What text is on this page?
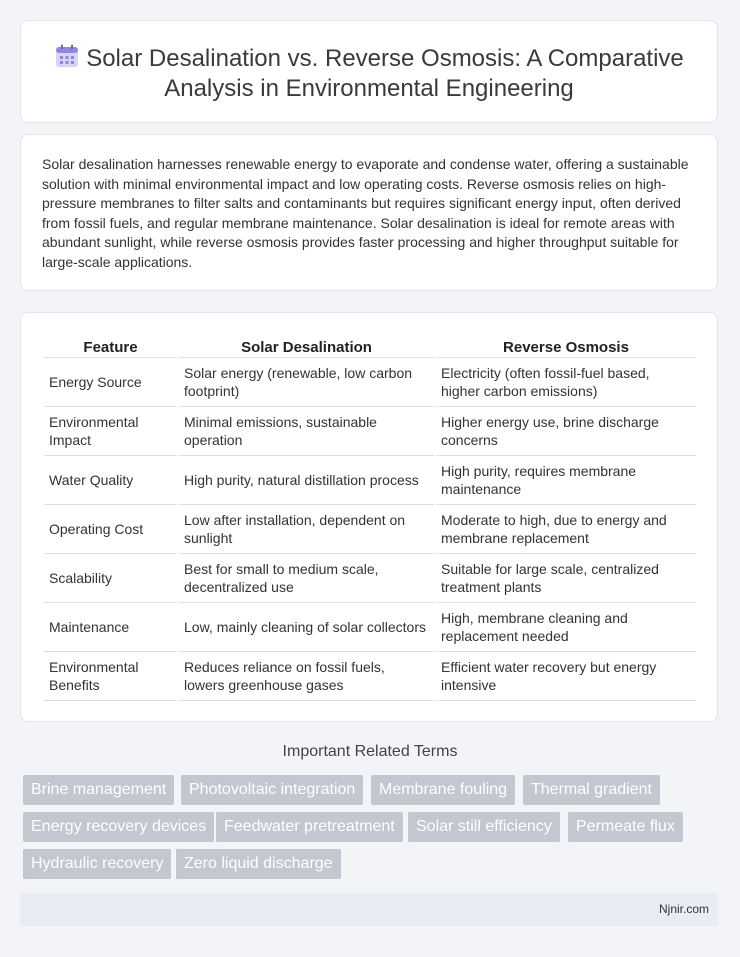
Solar Desalination vs. Reverse Osmosis: A Comparative
Analysis in Environmental Engineering

Solar desalination harnesses renewable energy to evaporate and condense water, offering a sustainable solution with minimal environmental impact and low operating costs. Reverse osmosis relies on high-pressure membranes to filter salts and contaminants but requires significant energy input, often derived from fossil fuels, and regular membrane maintenance. Solar desalination is ideal for remote areas with abundant sunlight, while reverse osmosis provides faster processing and higher throughput suitable for large-scale applications.

Feature	Solar Desalination	Reverse Osmosis
Energy Source	Solar energy (renewable, low carbon footprint)	Electricity (often fossil-fuel based, higher carbon emissions)
Environmental Impact	Minimal emissions, sustainable operation	Higher energy use, brine discharge concerns
Water Quality	High purity, natural distillation process	High purity, requires membrane maintenance
Operating Cost	Low after installation, dependent on sunlight	Moderate to high, due to energy and membrane replacement
Scalability	Best for small to medium scale, decentralized use	Suitable for large scale, centralized treatment plants
Maintenance	Low, mainly cleaning of solar collectors	High, membrane cleaning and replacement needed
Environmental Benefits	Reduces reliance on fossil fuels, lowers greenhouse gases	Efficient water recovery but energy intensive
Important Related Terms
Brine management	Photovoltaic integration	Membrane fouling	Thermal gradient
Energy recovery devices	Feedwater pretreatment	Solar still efficiency	Permeate flux
Hydraulic recovery	Zero liquid discharge
Njnir.com
